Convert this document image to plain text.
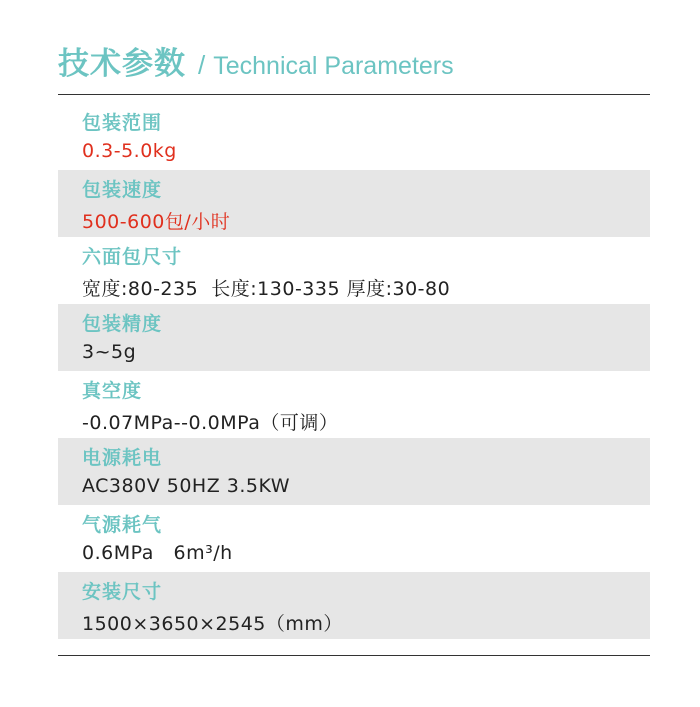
技术参数 / Technical Parameters
包装范围
0.3-5.0kg
包装速度
500-600包/小时
六面包尺寸
宽度:80-235  长度:130-335 厚度:30-80
包装精度
3~5g
真空度
-0.07MPa--0.0MPa（可调）
电源耗电
AC380V 50HZ 3.5KW
气源耗气
0.6MPa   6m³/h
安装尺寸
1500×3650×2545（mm）
